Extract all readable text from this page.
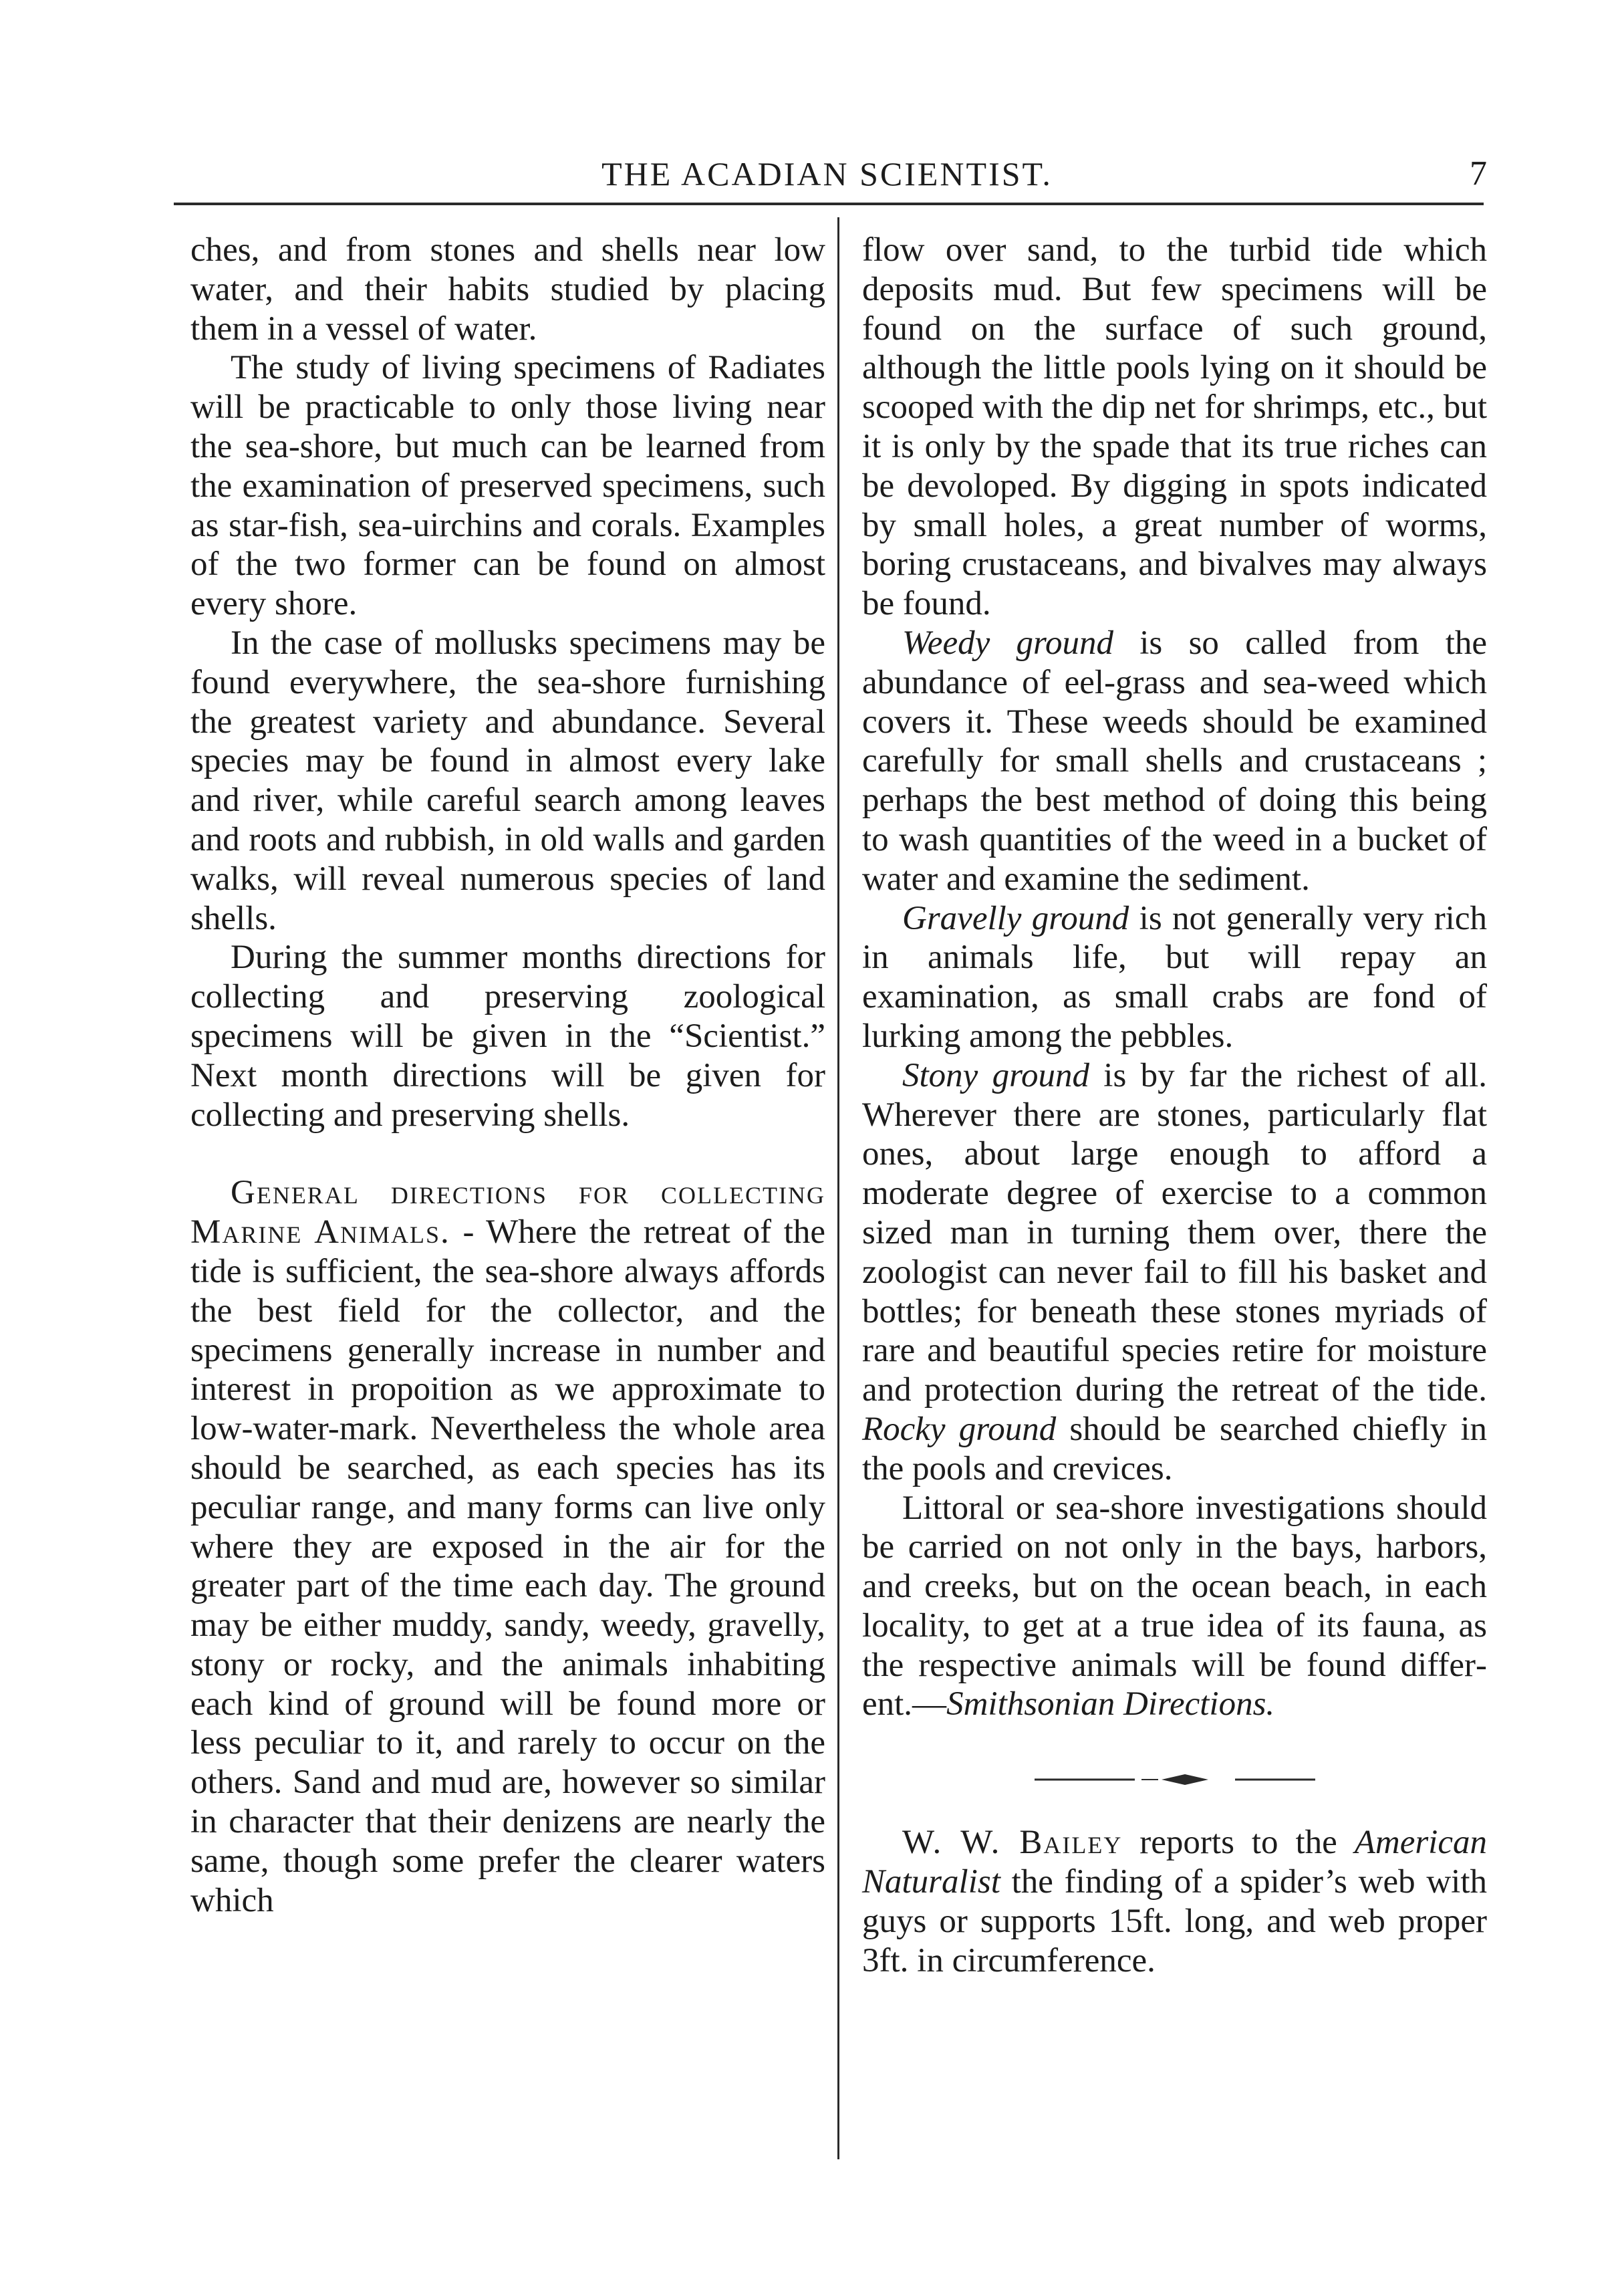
THE ACADIAN SCIENTIST.	7

ches, and from stones and shells near low water, and their habits studied by placing them in a vessel of water.

The study of living specimens of Radiates will be practicable to only those living near the sea-shore, but much can be learned from the examination of preserved specimens, such as star-fish, sea-uirchins and corals. Examples of the two former can be found on almost every shore.

In the case of mollusks specimens may be found everywhere, the sea-shore furnishing the greatest variety and abundance. Several species may be found in almost every lake and river, while careful search among leaves and roots and rubbish, in old walls and garden walks, will reveal numerous species of land shells.

During the summer months directions for collecting and preserving zoological specimens will be given in the “Scientist.” Next month directions will be given for collecting and preserving shells.

General directions for collecting Marine Animals. - Where the retreat of the tide is sufficient, the sea-shore always affords the best field for the collector, and the specimens generally increase in number and interest in propoition as we approximate to low-water-mark. Nevertheless the whole area should be searched, as each species has its peculiar range, and many forms can live only where they are exposed in the air for the greater part of the time each day. The ground may be either muddy, sandy, weedy, gravelly, stony or rocky, and the animals inhabiting each kind of ground will be found more or less peculiar to it, and rarely to occur on the others. Sand and mud are, however so similar in character that their denizens are nearly the same, though some prefer the clearer waters which

flow over sand, to the turbid tide which deposits mud. But few specimens will be found on the surface of such ground, although the little pools lying on it should be scooped with the dip net for shrimps, etc., but it is only by the spade that its true riches can be devoloped. By digging in spots indicated by small holes, a great number of worms, boring crustaceans, and bivalves may always be found.

Weedy ground is so called from the abundance of eel-grass and sea-weed which covers it. These weeds should be examined carefully for small shells and crustaceans ; perhaps the best method of doing this being to wash quantities of the weed in a bucket of water and examine the sediment.

Gravelly ground is not generally very rich in animals life, but will repay an examination, as small crabs are fond of lurking among the pebbles.

Stony ground is by far the richest of all. Wherever there are stones, particularly flat ones, about large enough to afford a moderate degree of exercise to a common sized man in turning them over, there the zoologist can never fail to fill his basket and bottles; for beneath these stones myriads of rare and beautiful species retire for moisture and protection during the retreat of the tide. Rocky ground should be searched chiefly in the pools and crevices.

Littoral or sea-shore investigations should be carried on not only in the bays, harbors, and creeks, but on the ocean beach, in each locality, to get at a true idea of its fauna, as the respective animals will be found different.—Smithsonian Directions.

W. W. Bailey reports to the American Naturalist the finding of a spider’s web with guys or supports 15ft. long, and web proper 3ft. in circumference.
